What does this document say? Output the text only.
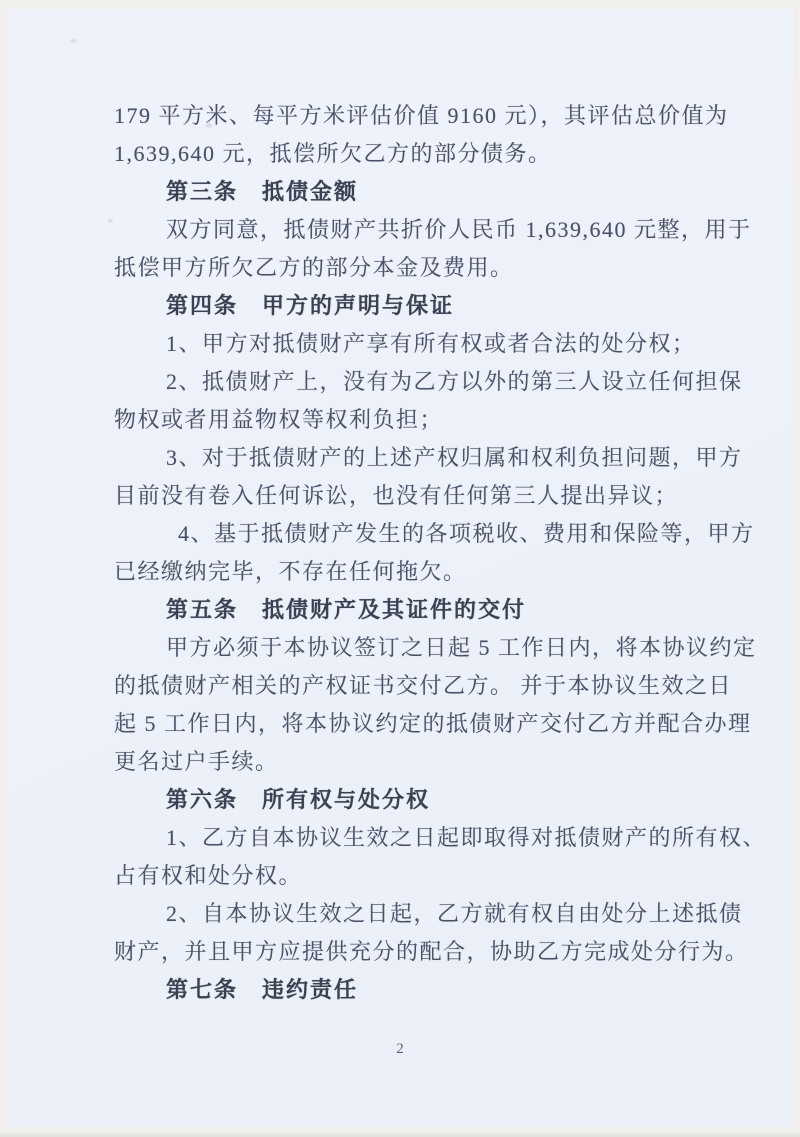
179 平方米、每平方米评估价值 9160 元），其评估总价值为
1,639,640 元，抵偿所欠乙方的部分债务。
第三条　抵债金额
双方同意，抵债财产共折价人民币 1,639,640 元整，用于
抵偿甲方所欠乙方的部分本金及费用。
第四条　甲方的声明与保证
1、甲方对抵债财产享有所有权或者合法的处分权；
2、抵债财产上，没有为乙方以外的第三人设立任何担保
物权或者用益物权等权利负担；
3、对于抵债财产的上述产权归属和权利负担问题，甲方
目前没有卷入任何诉讼，也没有任何第三人提出异议；
4、基于抵债财产发生的各项税收、费用和保险等，甲方
已经缴纳完毕，不存在任何拖欠。
第五条　抵债财产及其证件的交付
甲方必须于本协议签订之日起 5 工作日内，将本协议约定
的抵债财产相关的产权证书交付乙方。 并于本协议生效之日
起 5 工作日内，将本协议约定的抵债财产交付乙方并配合办理
更名过户手续。
第六条　所有权与处分权
1、乙方自本协议生效之日起即取得对抵债财产的所有权、
占有权和处分权。
2、自本协议生效之日起，乙方就有权自由处分上述抵债
财产，并且甲方应提供充分的配合，协助乙方完成处分行为。
第七条　违约责任
2
